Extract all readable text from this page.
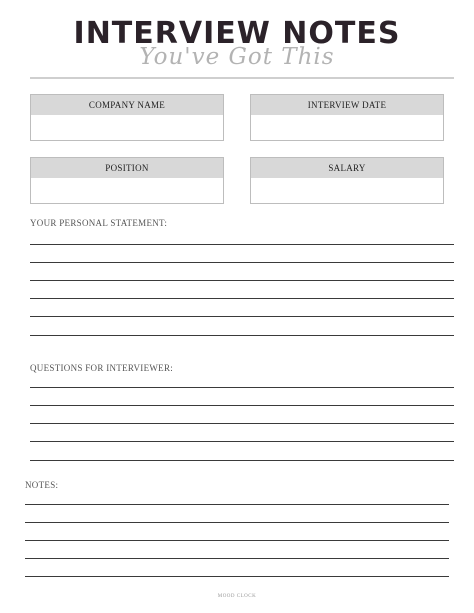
INTERVIEW NOTES
You've Got This
COMPANY NAME	INTERVIEW DATE
POSITION	SALARY
YOUR PERSONAL STATEMENT:
QUESTIONS FOR INTERVIEWER:
NOTES:
MOOD CLOCK
